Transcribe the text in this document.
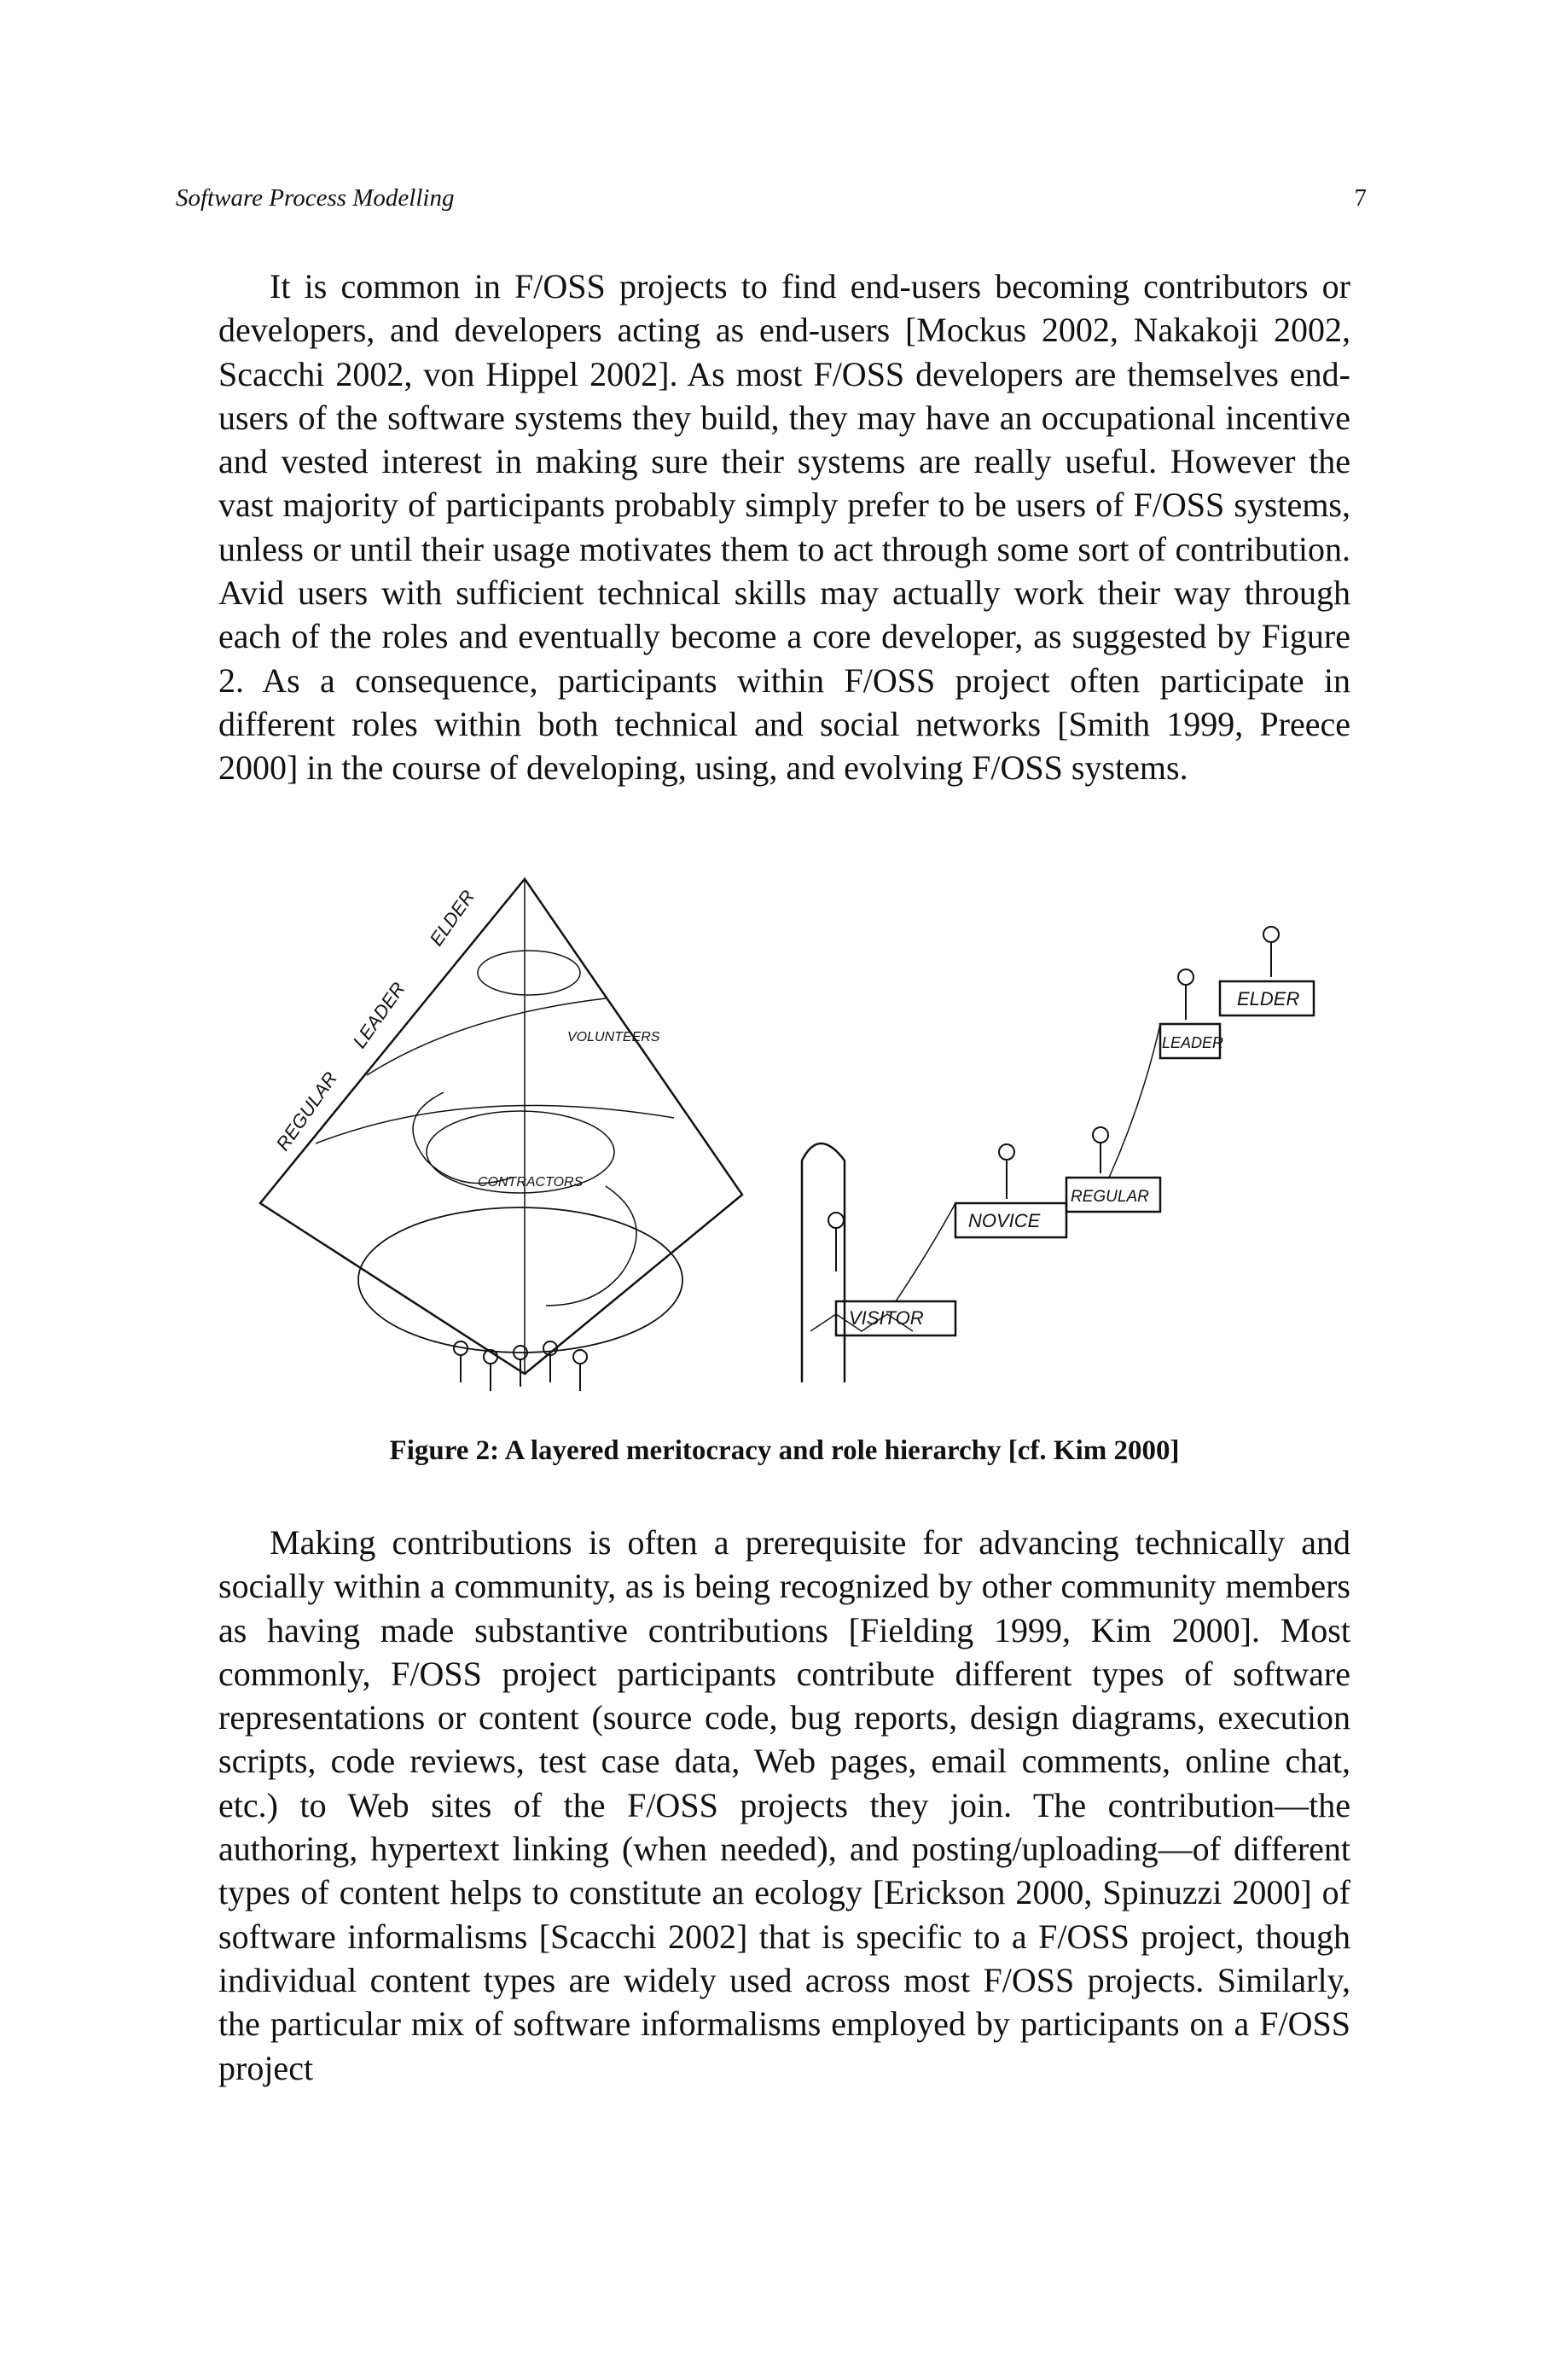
Software Process Modelling	7

It is common in F/OSS projects to find end-users becoming contributors or developers, and developers acting as end-users [Mockus 2002, Nakakoji 2002, Scacchi 2002, von Hippel 2002]. As most F/OSS developers are themselves end-users of the software systems they build, they may have an occupational incentive and vested interest in making sure their systems are really useful. However the vast majority of participants probably simply prefer to be users of F/OSS systems, unless or until their usage motivates them to act through some sort of contribution. Avid users with sufficient technical skills may actually work their way through each of the roles and eventually become a core developer, as suggested by Figure 2. As a consequence, participants within F/OSS project often participate in different roles within both technical and social networks [Smith 1999, Preece 2000] in the course of developing, using, and evolving F/OSS systems.

ELDER
LEADER
REGULAR
VOLUNTEERS
CONTRACTORS
VISITOR
NOVICE
REGULAR
LEADER
ELDER
Figure 2: A layered meritocracy and role hierarchy [cf. Kim 2000]

Making contributions is often a prerequisite for advancing technically and socially within a community, as is being recognized by other community members as having made substantive contributions [Fielding 1999, Kim 2000]. Most commonly, F/OSS project participants contribute different types of software representations or content (source code, bug reports, design diagrams, execution scripts, code reviews, test case data, Web pages, email comments, online chat, etc.) to Web sites of the F/OSS projects they join. The contribution—the authoring, hypertext linking (when needed), and posting/uploading—of different types of content helps to constitute an ecology [Erickson 2000, Spinuzzi 2000] of software informalisms [Scacchi 2002] that is specific to a F/OSS project, though individual content types are widely used across most F/OSS projects. Similarly, the particular mix of software informalisms employed by participants on a F/OSS project
